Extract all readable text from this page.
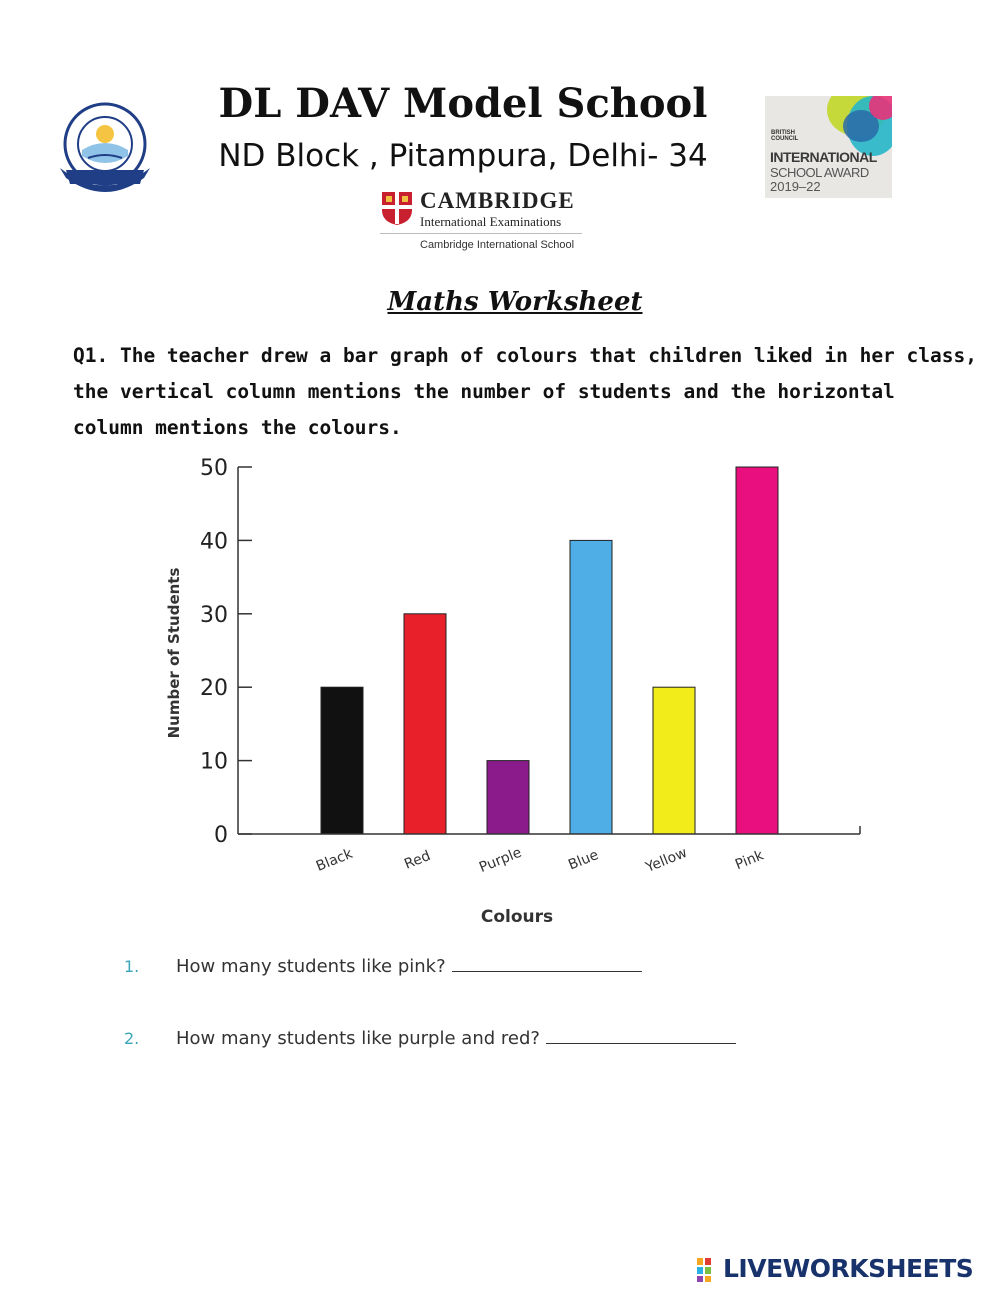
DL DAV Model School
ND Block , Pitampura, Delhi- 34
CAMBRIDGE
International Examinations
Cambridge International School
BRITISH
COUNCIL
INTERNATIONAL
SCHOOL AWARD
2019–22
Maths Worksheet
Q1. The teacher drew a bar graph of colours that children liked in her class,
the vertical column mentions the number of students and the horizontal
column mentions the colours.
0
10
20
30
40
50
Black	Red	Purple	Blue	Yellow	Pink
Number of Students
Colours
1. How many students like pink?
2. How many students like purple and red?
LIVEWORKSHEETS
